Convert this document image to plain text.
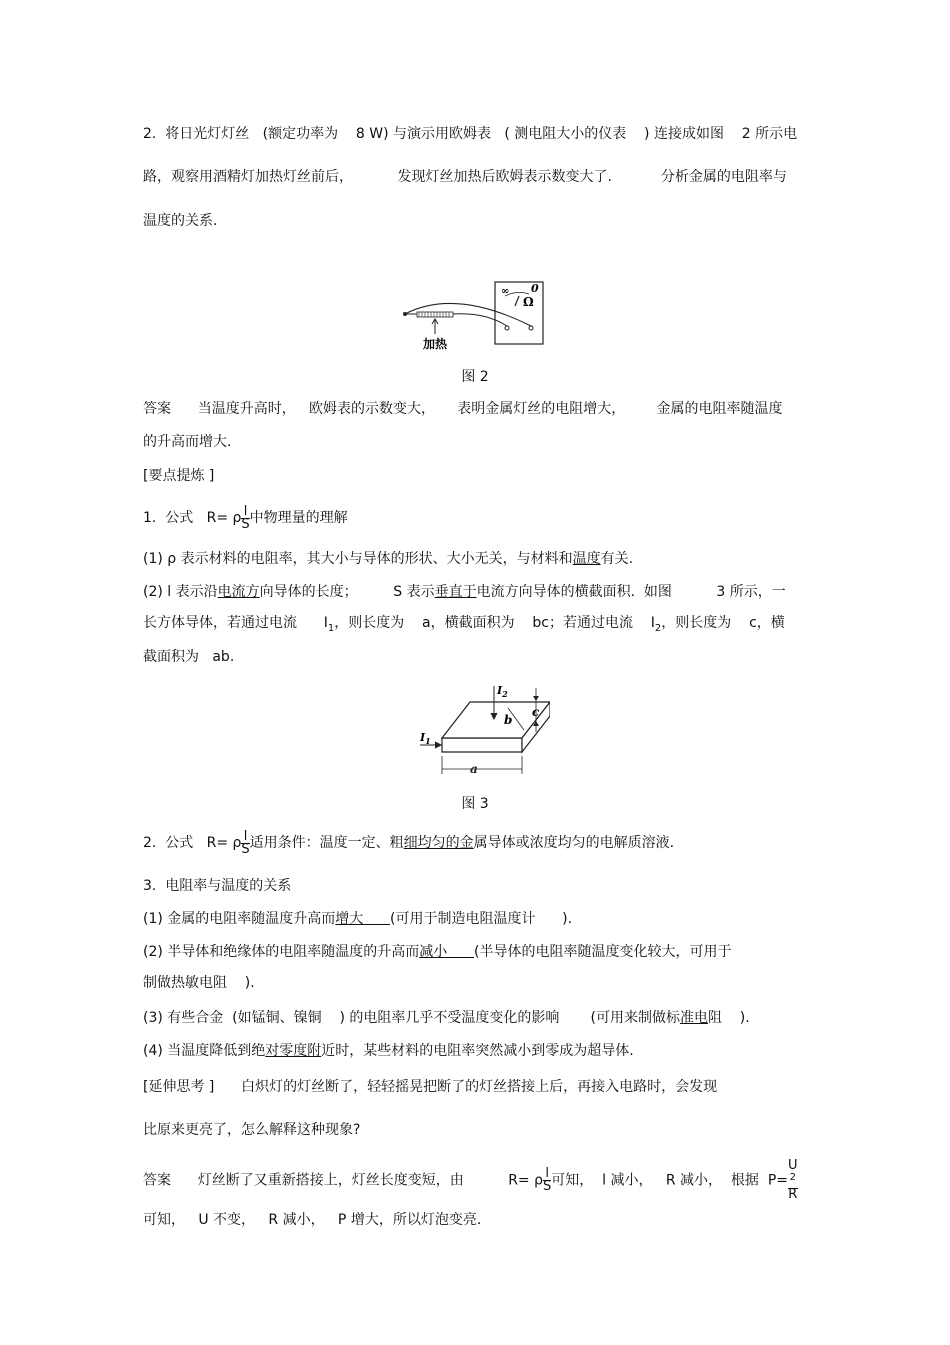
2.  将日光灯灯丝   (额定功率为    8 W) 与演示用欧姆表   ( 测电阻大小的仪表    ) 连接成如图    2 所示电
路，观察用酒精灯加热灯丝前后，          发现灯丝加热后欧姆表示数变大了.           分析金属的电阻率与
温度的关系.
∞ 0
Ω
加热
图 2
答案      当温度升高时，   欧姆表的示数变大，     表明金属灯丝的电阻增大，       金属的电阻率随温度
的升高而增大.
[要点提炼 ]
1.  公式   R= ρ $\frac{l}{S}$ 中物理量的理解
(1) ρ 表示材料的电阻率，其大小与导体的形状、大小无关，与材料和温度有关.
(2) l 表示沿电流方向导体的长度；        S 表示垂直于电流方向导体的横截面积.  如图          3 所示，一
长方体导体，若通过电流      $I_1$，则长度为    a，横截面积为    bc；若通过电流    $I_2$，则长度为    c，横
截面积为   ab.
$I_2$
$I_1$
a
b
c
图 3
2.  公式   R= ρ $\frac{l}{S}$ 适用条件：温度一定、粗细均匀的金属导体或浓度均匀的电解质溶液.
3.  电阻率与温度的关系
(1) 金属的电阻率随温度升高而增大      (可用于制造电阻温度计      ).
(2) 半导体和绝缘体的电阻率随温度的升高而减小      (半导体的电阻率随温度变化较大，可用于
制做热敏电阻    ).
(3) 有些合金  (如锰铜、镍铜    ) 的电阻率几乎不受温度变化的影响       (可用来制做标准电阻    ).
(4) 当温度降低到绝对零度附近时，某些材料的电阻率突然减小到零成为超导体.
[延伸思考 ]      白炽灯的灯丝断了，轻轻摇晃把断了的灯丝搭接上后，再接入电路时，会发现
比原来更亮了，怎么解释这种现象?
答案      灯丝断了又重新搭接上，灯丝长度变短，由          R= ρ $\frac{l}{S}$ 可知，  l 减小，   R 减小，  根据  P= U
$^2$
R
可知，   U 不变，   R 减小，   P 增大，所以灯泡变亮.
